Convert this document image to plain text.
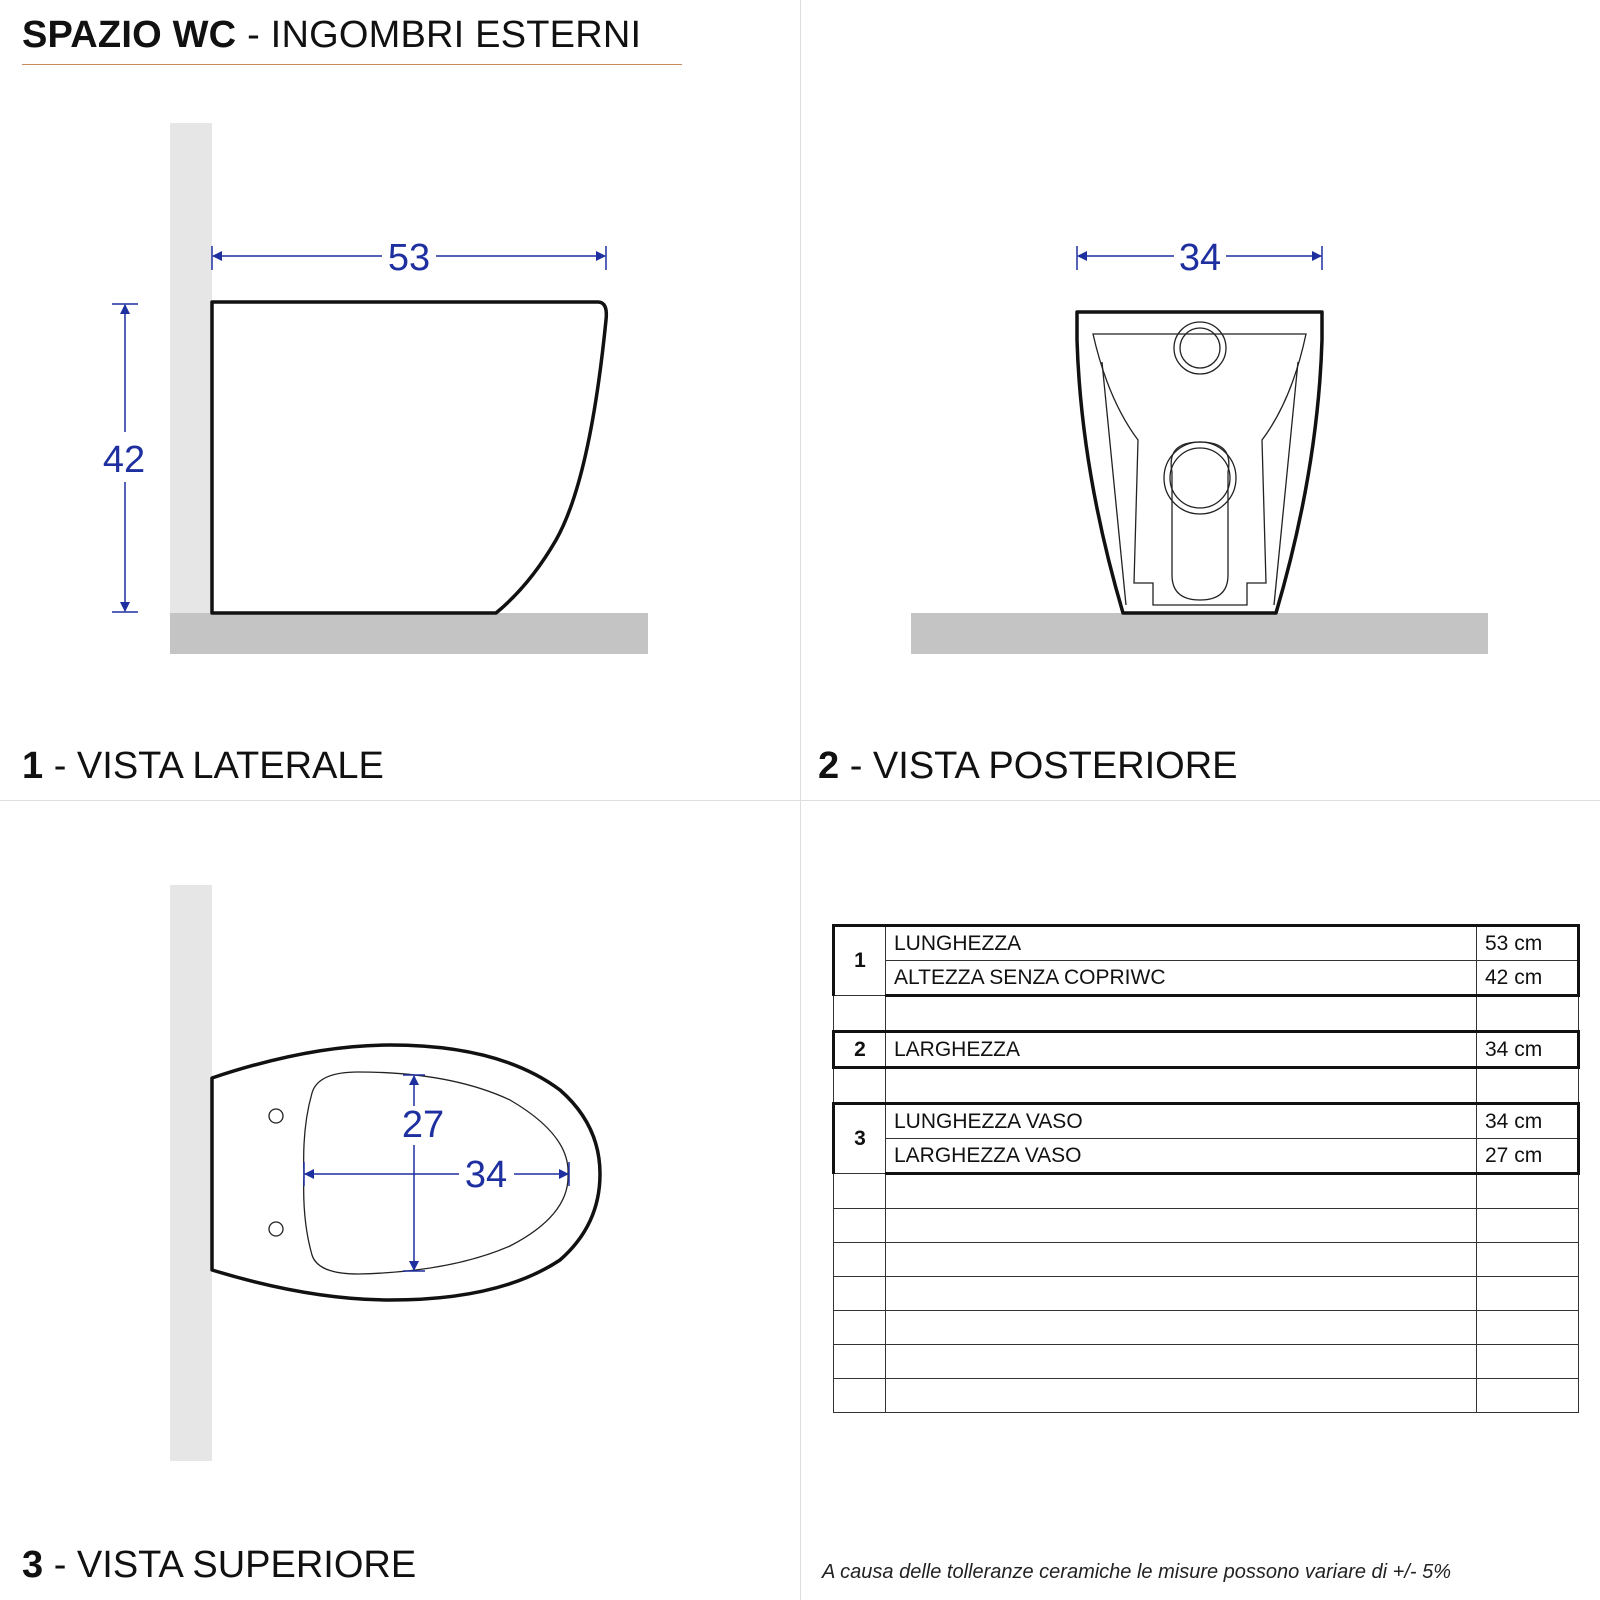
SPAZIO WC - INGOMBRI ESTERNI
53
42
1 - VISTA LATERALE
34
2 - VISTA POSTERIORE
27
34
3 - VISTA SUPERIORE
1	LUNGHEZZA	53 cm
	ALTEZZA SENZA COPRIWC	42 cm

2	LARGHEZZA	34 cm

3	LUNGHEZZA VASO	34 cm
	LARGHEZZA VASO	27 cm

A causa delle tolleranze ceramiche le misure possono variare di +/- 5%
